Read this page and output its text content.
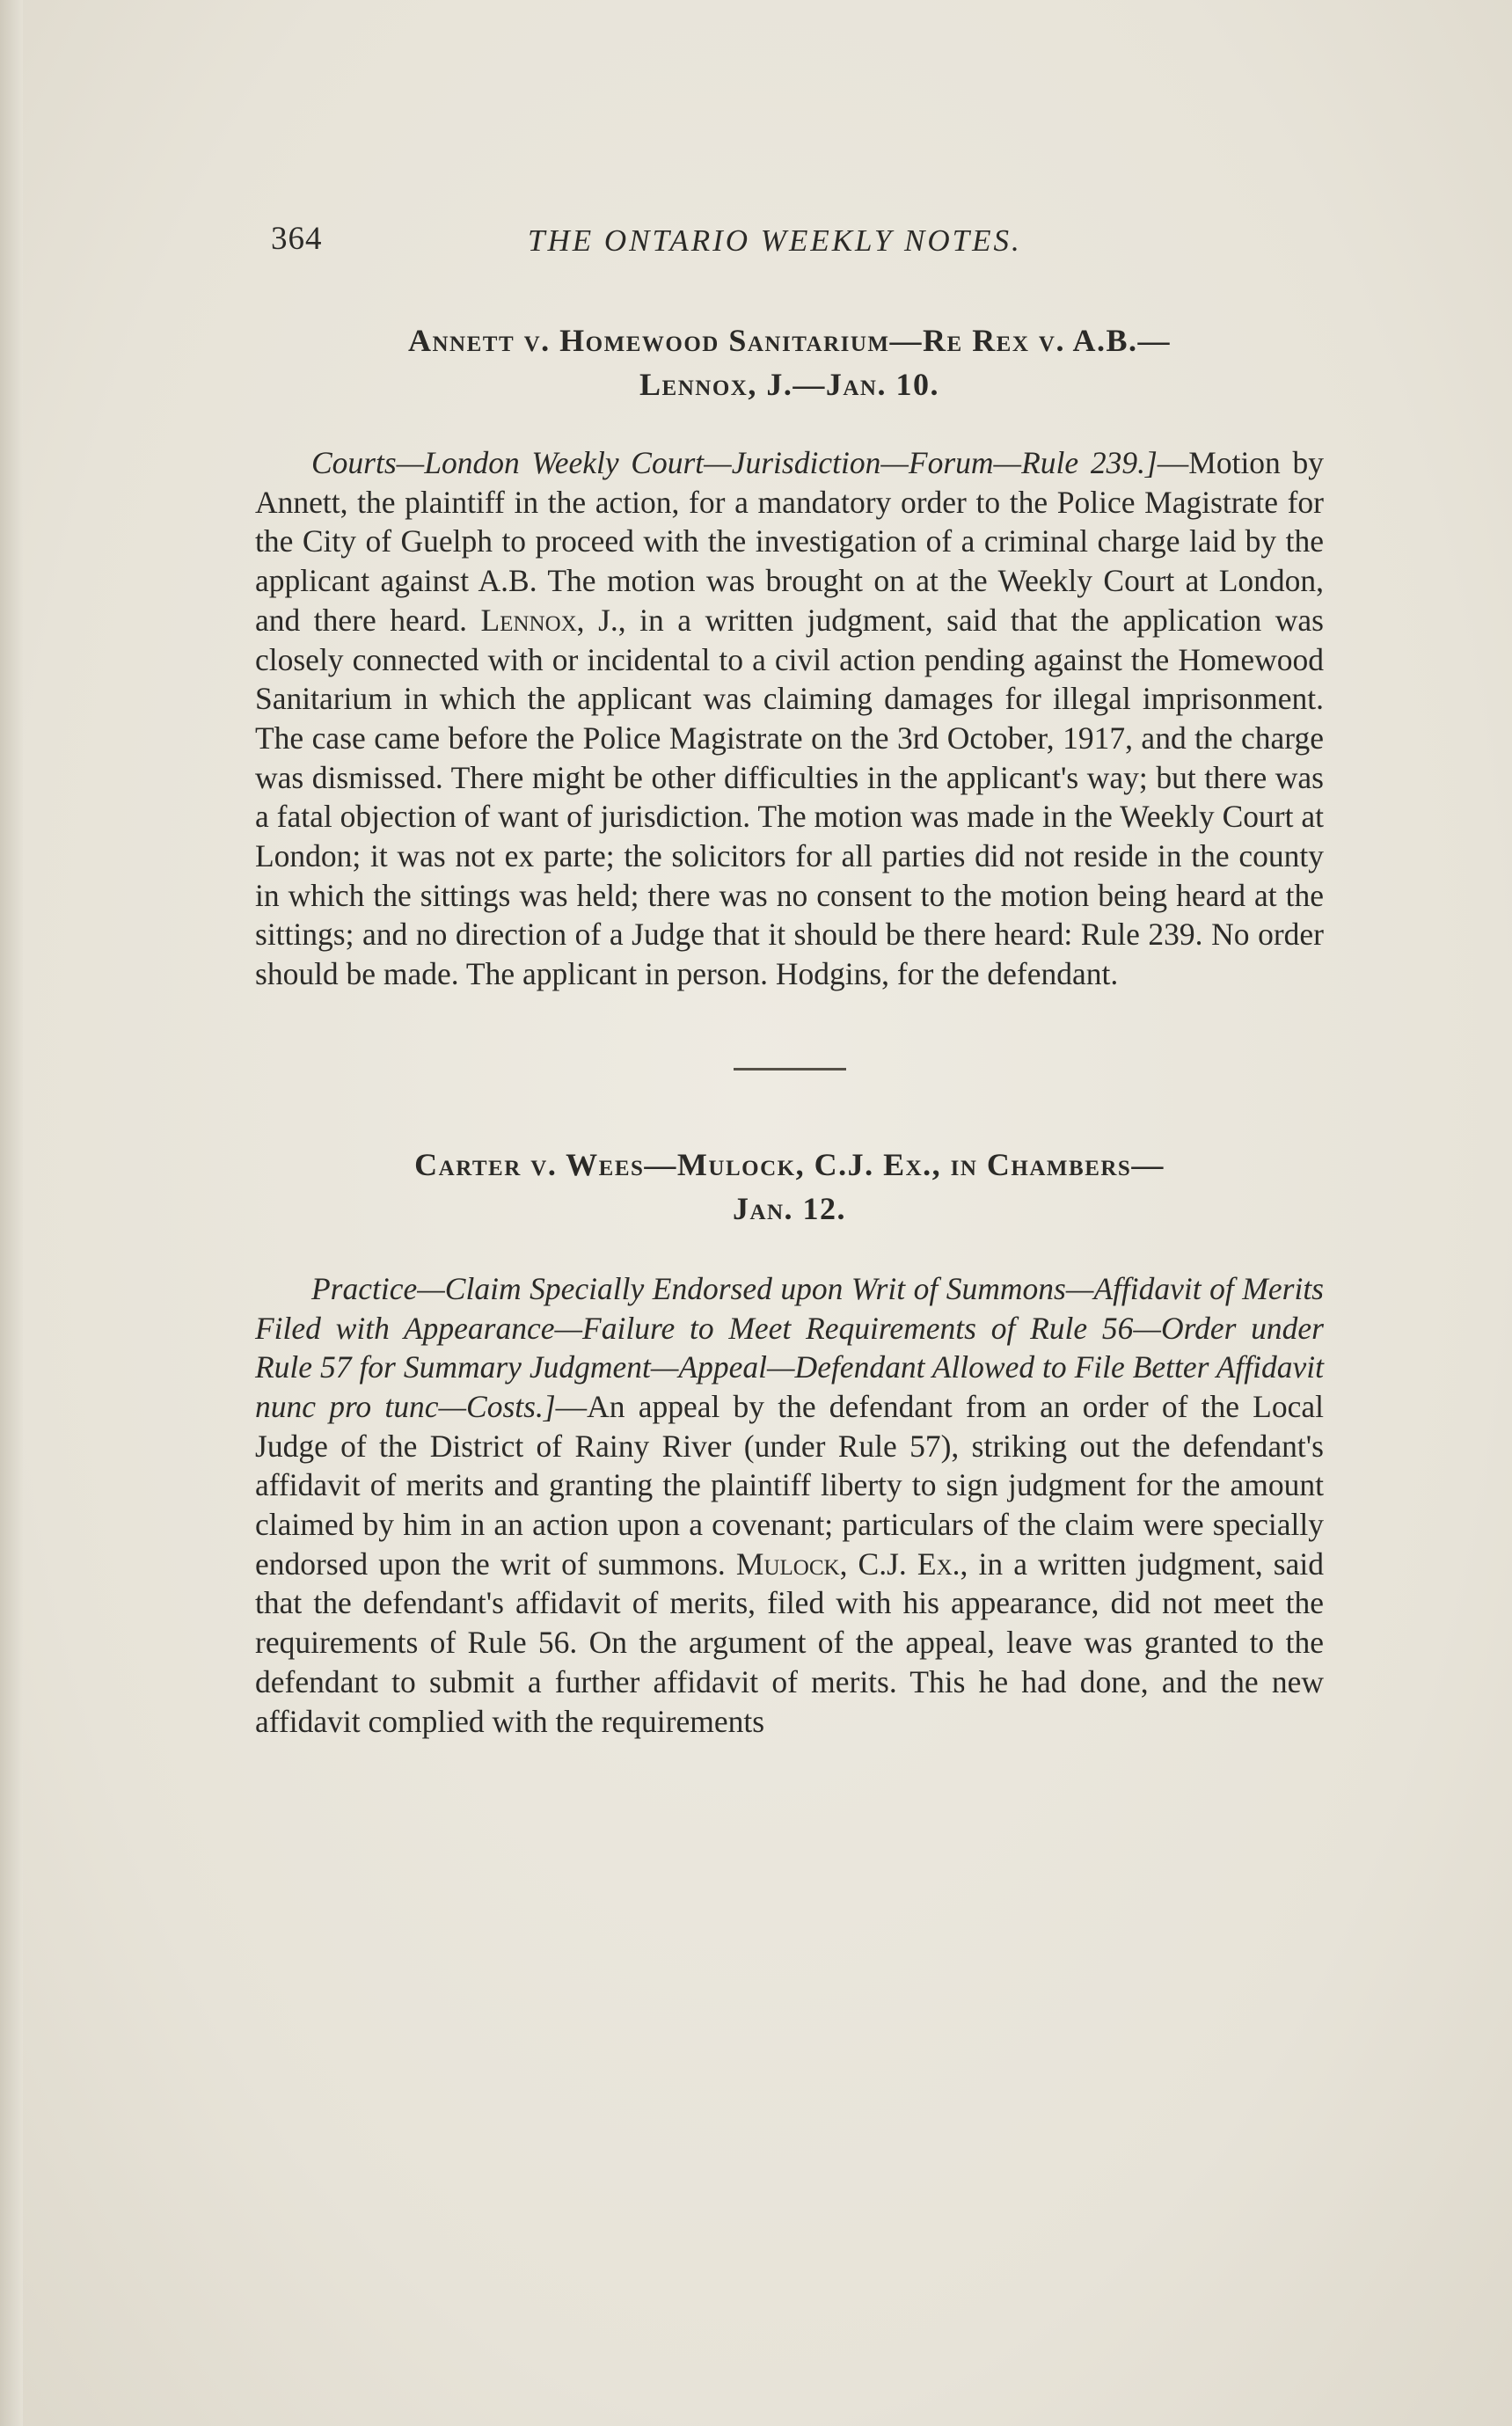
364	THE ONTARIO WEEKLY NOTES.
Annett v. Homewood Sanitarium—Re Rex v. A.B.—
Lennox, J.—Jan. 10.

Courts—London Weekly Court—Jurisdiction—Forum—Rule 239.]—Motion by Annett, the plaintiff in the action, for a mandatory order to the Police Magistrate for the City of Guelph to proceed with the investigation of a criminal charge laid by the applicant against A.B. The motion was brought on at the Weekly Court at London, and there heard. Lennox, J., in a written judgment, said that the application was closely connected with or incidental to a civil action pending against the Homewood Sanitarium in which the applicant was claiming damages for illegal imprisonment. The case came before the Police Magistrate on the 3rd October, 1917, and the charge was dismissed. There might be other difficulties in the applicant's way; but there was a fatal objection of want of jurisdiction. The motion was made in the Weekly Court at London; it was not ex parte; the solicitors for all parties did not reside in the county in which the sittings was held; there was no consent to the motion being heard at the sittings; and no direction of a Judge that it should be there heard: Rule 239. No order should be made. The applicant in person. Hodgins, for the defendant.

Carter v. Wees—Mulock, C.J. Ex., in Chambers—
Jan. 12.

Practice—Claim Specially Endorsed upon Writ of Summons—Affidavit of Merits Filed with Appearance—Failure to Meet Requirements of Rule 56—Order under Rule 57 for Summary Judgment—Appeal—Defendant Allowed to File Better Affidavit nunc pro tunc—Costs.]—An appeal by the defendant from an order of the Local Judge of the District of Rainy River (under Rule 57), striking out the defendant's affidavit of merits and granting the plaintiff liberty to sign judgment for the amount claimed by him in an action upon a covenant; particulars of the claim were specially endorsed upon the writ of summons. Mulock, C.J. Ex., in a written judgment, said that the defendant's affidavit of merits, filed with his appearance, did not meet the requirements of Rule 56. On the argument of the appeal, leave was granted to the defendant to submit a further affidavit of merits. This he had done, and the new affidavit complied with the requirements
